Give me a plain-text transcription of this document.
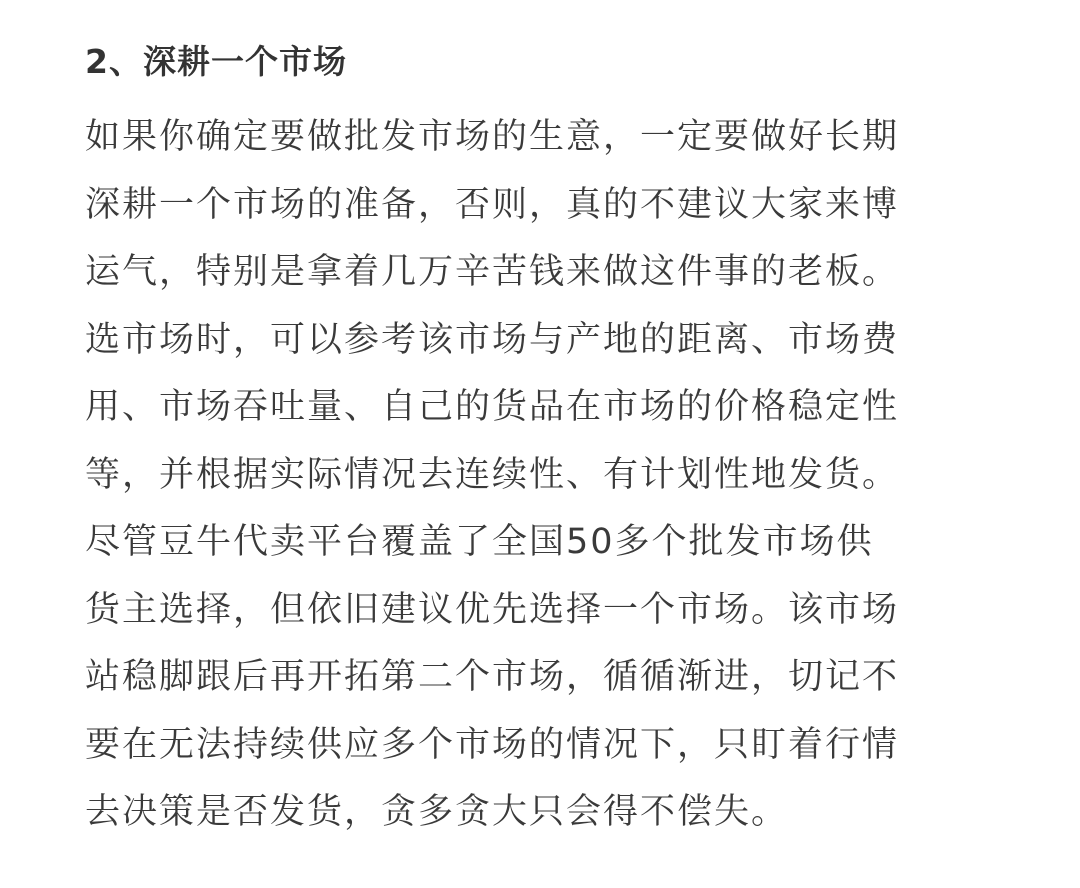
2、深耕一个市场
如果你确定要做批发市场的生意，一定要做好长期
深耕一个市场的准备，否则，真的不建议大家来博
运气，特别是拿着几万辛苦钱来做这件事的老板。
选市场时，可以参考该市场与产地的距离、市场费
用、市场吞吐量、自己的货品在市场的价格稳定性
等，并根据实际情况去连续性、有计划性地发货。
尽管豆牛代卖平台覆盖了全国50多个批发市场供
货主选择，但依旧建议优先选择一个市场。该市场
站稳脚跟后再开拓第二个市场，循循渐进，切记不
要在无法持续供应多个市场的情况下，只盯着行情
去决策是否发货，贪多贪大只会得不偿失。
